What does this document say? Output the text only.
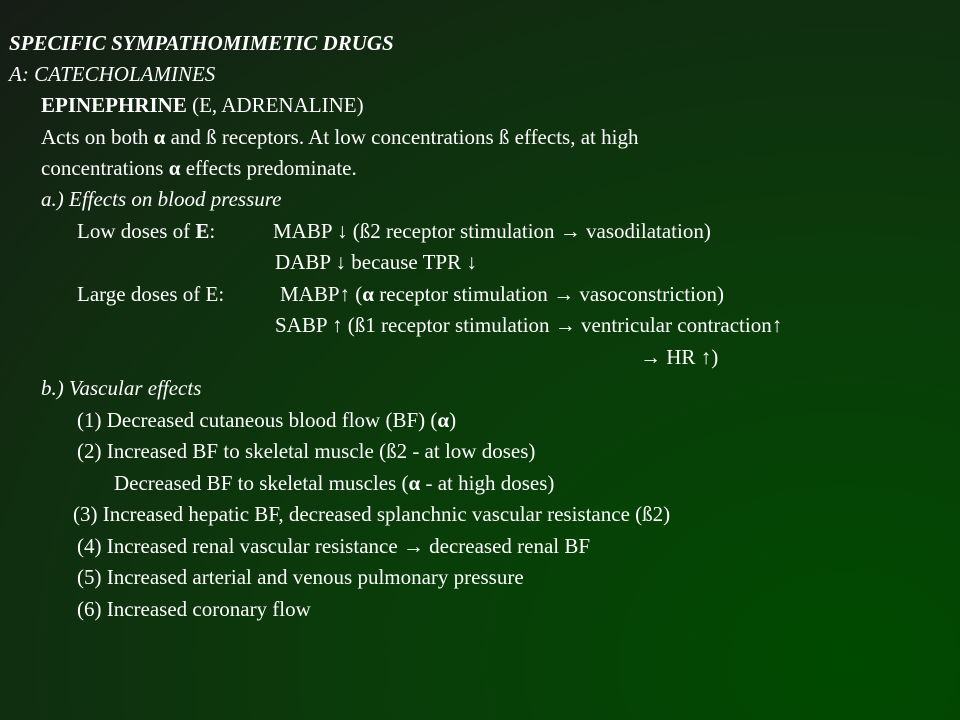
SPECIFIC SYMPATHOMIMETIC DRUGS
A: CATECHOLAMINES
EPINEPHRINE (E, ADRENALINE)
Acts on both α and ß receptors. At low concentrations ß effects, at high
concentrations α effects predominate.
a.) Effects on blood pressure
Low doses of E:	MABP ↓ (ß2 receptor stimulation → vasodilatation)
DABP ↓ because TPR ↓
Large doses of E:	MABP↑ (α receptor stimulation → vasoconstriction)
SABP ↑ (ß1 receptor stimulation → ventricular contraction↑
→ HR ↑)
b.) Vascular effects
(1) Decreased cutaneous blood flow (BF) (α)
(2) Increased BF to skeletal muscle (ß2 - at low doses)
Decreased BF to skeletal muscles (α - at high doses)
(3) Increased hepatic BF, decreased splanchnic vascular resistance (ß2)
(4) Increased renal vascular resistance → decreased renal BF
(5) Increased arterial and venous pulmonary pressure
(6) Increased coronary flow
